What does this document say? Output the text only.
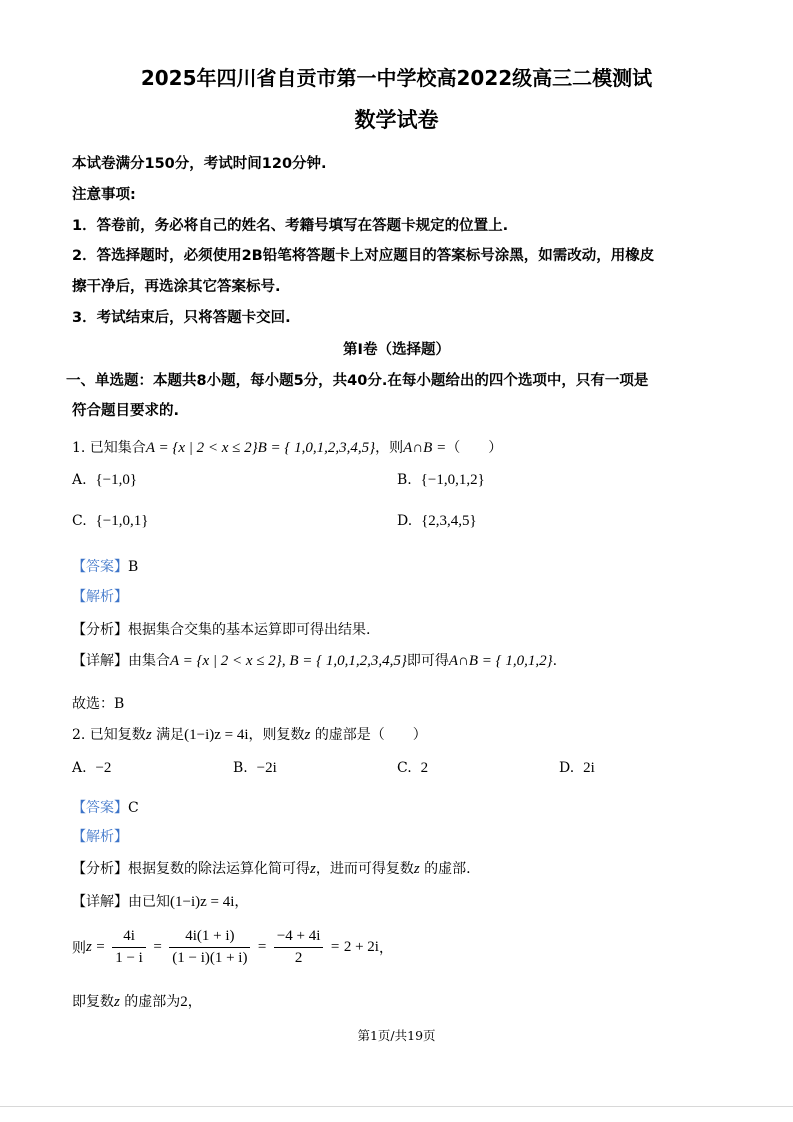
2025年四川省自贡市第一中学校高2022级高三二模测试
数学试卷
本试卷满分150分，考试时间120分钟.
注意事项:
1．答卷前，务必将自己的姓名、考籍号填写在答题卡规定的位置上.
2．答选择题时，必须使用2B铅笔将答题卡上对应题目的答案标号涂黑，如需改动，用橡皮
擦干净后，再选涂其它答案标号.
3．考试结束后，只将答题卡交回.
第I卷（选择题）
一、单选题：本题共8小题，每小题5分，共40分.在每小题给出的四个选项中，只有一项是
符合题目要求的.
1. 已知集合A = {x | 2 < x ≤ 2}B = { 1,0,1,2,3,4,5}，则A∩B =（　　）
A. {−1,0}	B. {−1,0,1,2}
C. {−1,0,1}	D. {2,3,4,5}
【答案】B
【解析】
【分析】根据集合交集的基本运算即可得出结果.
【详解】由集合A = {x | 2 < x ≤ 2}, B = { 1,0,1,2,3,4,5}即可得A∩B = { 1,0,1,2}.
故选：B
2. 已知复数z 满足(1−i)z = 4i，则复数z 的虚部是（　　）
A. −2	B. −2i	C. 2	D. 2i
【答案】C
【解析】
【分析】根据复数的除法运算化简可得z，进而可得复数z 的虚部.
【详解】由已知(1−i)z = 4i，
则$z = \frac{4i}{1 - i} = \frac{4i(1 + i)}{(1 - i)(1 + i)} = \frac{-4 + 4i}{2} = 2 + 2i$，
即复数z 的虚部为2，
第1页/共19页
